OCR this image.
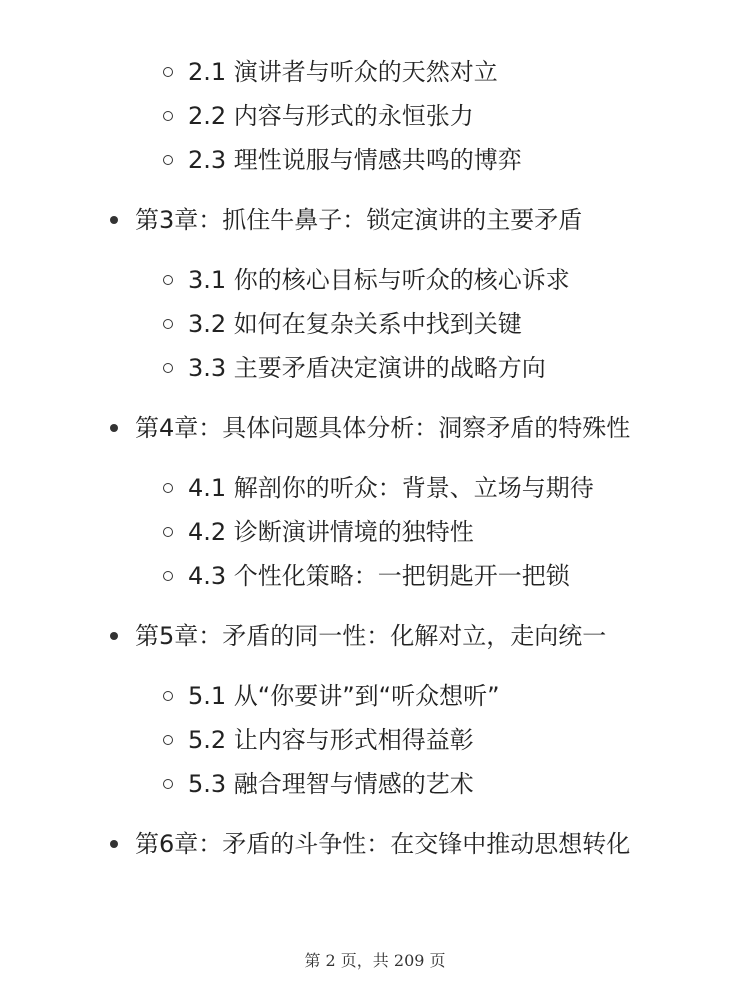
2.1 演讲者与听众的天然对立
2.2 内容与形式的永恒张力
2.3 理性说服与情感共鸣的博弈
第3章：抓住牛鼻子：锁定演讲的主要矛盾
3.1 你的核心目标与听众的核心诉求
3.2 如何在复杂关系中找到关键
3.3 主要矛盾决定演讲的战略方向
第4章：具体问题具体分析：洞察矛盾的特殊性
4.1 解剖你的听众：背景、立场与期待
4.2 诊断演讲情境的独特性
4.3 个性化策略：一把钥匙开一把锁
第5章：矛盾的同一性：化解对立，走向统一
5.1 从“你要讲”到“听众想听”
5.2 让内容与形式相得益彰
5.3 融合理智与情感的艺术
第6章：矛盾的斗争性：在交锋中推动思想转化
第 2 页，共 209 页
